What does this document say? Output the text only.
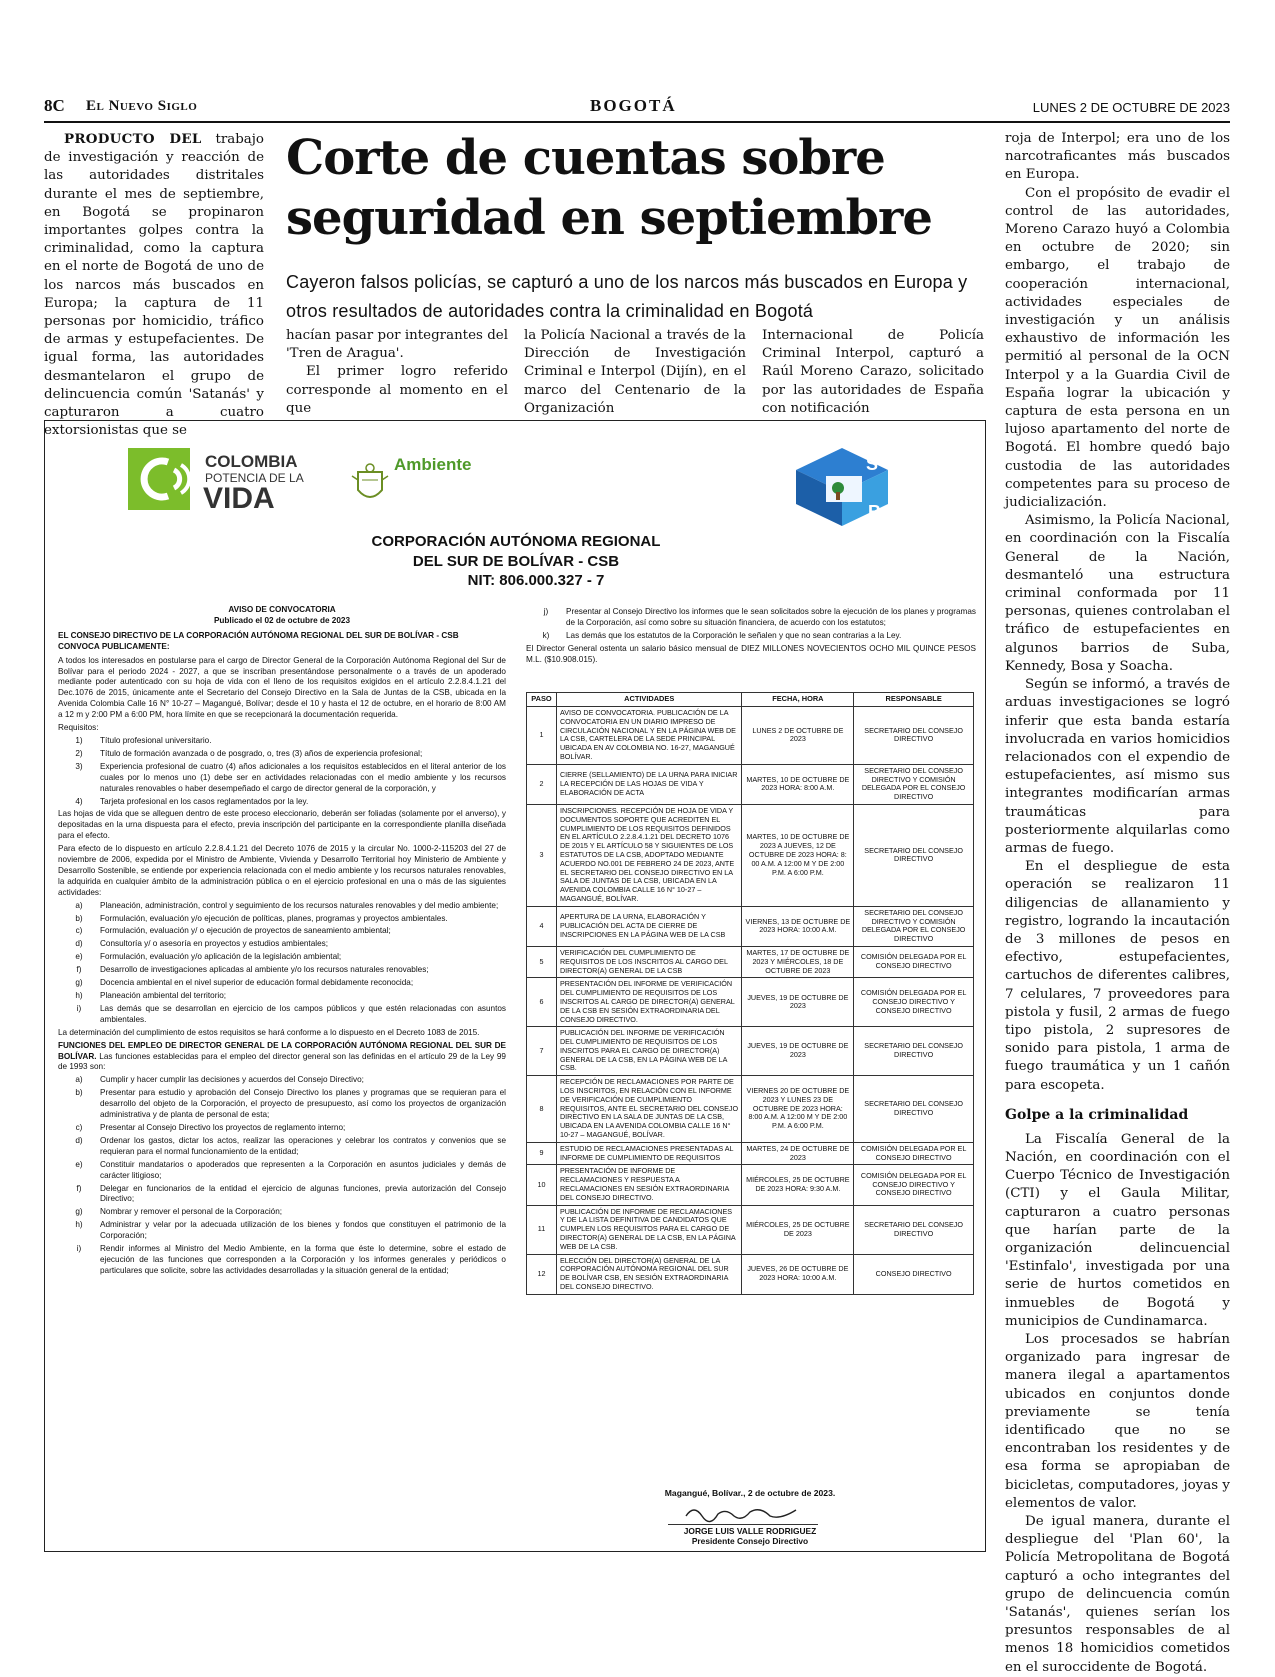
8C El Nuevo Siglo	BOGOTÁ	LUNES 2 DE OCTUBRE DE 2023

PRODUCTO DEL trabajo de investigación y reacción de las autoridades distritales durante el mes de septiembre, en Bogotá se propinaron importantes golpes contra la criminalidad, como la captura en el norte de Bogotá de uno de los narcos más buscados en Europa; la captura de 11 personas por homicidio, tráfico de armas y estupefacientes. De igual forma, las autoridades desmantelaron el grupo de delincuencia común 'Satanás' y capturaron a cuatro extorsionistas que se

Corte de cuentas sobre seguridad en septiembre
Cayeron falsos policías, se capturó a uno de los narcos más buscados en Europa y otros resultados de autoridades contra la criminalidad en Bogotá

hacían pasar por integrantes del 'Tren de Aragua'.

El primer logro referido corresponde al momento en el que

la Policía Nacional a través de la Dirección de Investigación Criminal e Interpol (Dijín), en el marco del Centenario de la Organización

Internacional de Policía Criminal Interpol, capturó a Raúl Moreno Carazo, solicitado por las autoridades de España con notificación

roja de Interpol; era uno de los narcotraficantes más buscados en Europa.

Con el propósito de evadir el control de las autoridades, Moreno Carazo huyó a Colombia en octubre de 2020; sin embargo, el trabajo de cooperación internacional, actividades especiales de investigación y un análisis exhaustivo de información les permitió al personal de la OCN Interpol y a la Guardia Civil de España lograr la ubicación y captura de esta persona en un lujoso apartamento del norte de Bogotá. El hombre quedó bajo custodia de las autoridades competentes para su proceso de judicialización.

Asimismo, la Policía Nacional, en coordinación con la Fiscalía General de la Nación, desmanteló una estructura criminal conformada por 11 personas, quienes controlaban el tráfico de estupefacientes en algunos barrios de Suba, Kennedy, Bosa y Soacha.

Según se informó, a través de arduas investigaciones se logró inferir que esta banda estaría involucrada en varios homicidios relacionados con el expendio de estupefacientes, así mismo sus integrantes modificarían armas traumáticas para posteriormente alquilarlas como armas de fuego.

En el despliegue de esta operación se realizaron 11 diligencias de allanamiento y registro, logrando la incautación de 3 millones de pesos en efectivo, estupefacientes, cartuchos de diferentes calibres, 7 celulares, 7 proveedores para pistola y fusil, 2 armas de fuego tipo pistola, 2 supresores de sonido para pistola, 1 arma de fuego traumática y un 1 cañón para escopeta.

Golpe a la criminalidad

La Fiscalía General de la Nación, en coordinación con el Cuerpo Técnico de Investigación (CTI) y el Gaula Militar, capturaron a cuatro personas que harían parte de la organización delincuencial 'Estinfalo', investigada por una serie de hurtos cometidos en inmuebles de Bogotá y municipios de Cundinamarca.

Los procesados se habrían organizado para ingresar de manera ilegal a apartamentos ubicados en conjuntos donde previamente se tenía identificado que no se encontraban los residentes y de esa forma se apropiaban de bicicletas, computadores, joyas y elementos de valor.

De igual manera, durante el despliegue del 'Plan 60', la Policía Metropolitana de Bogotá capturó a ocho integrantes del grupo de delincuencia común 'Satanás', quienes serían los presuntos responsables de al menos 18 homicidios cometidos en el suroccidente de Bogotá.

COLOMBIA
POTENCIA DE LA
VIDA
Ambiente	S
B
CORPORACIÓN AUTÓNOMA REGIONAL
DEL SUR DE BOLÍVAR - CSB
NIT: 806.000.327 - 7
AVISO DE CONVOCATORIA
Publicado el 02 de octubre de 2023
EL CONSEJO DIRECTIVO DE LA CORPORACIÓN AUTÓNOMA REGIONAL DEL SUR DE BOLÍVAR - CSB
CONVOCA PUBLICAMENTE:

A todos los interesados en postularse para el cargo de Director General de la Corporación Autónoma Regional del Sur de Bolívar para el periodo 2024 - 2027, a que se inscriban presentándose personalmente o a través de un apoderado mediante poder autenticado con su hoja de vida con el lleno de los requisitos exigidos en el artículo 2.2.8.4.1.21 del Dec.1076 de 2015, únicamente ante el Secretario del Consejo Directivo en la Sala de Juntas de la CSB, ubicada en la Avenida Colombia Calle 16 N° 10-27 – Magangué, Bolívar; desde el 10 y hasta el 12 de octubre, en el horario de 8:00 AM a 12 m y 2:00 PM a 6:00 PM, hora límite en que se recepcionará la documentación requerida.

Requisitos:

1)	Título profesional universitario.
2)	Título de formación avanzada o de posgrado, o, tres (3) años de experiencia profesional;
3)	Experiencia profesional de cuatro (4) años adicionales a los requisitos establecidos en el literal anterior de los cuales por lo menos uno (1) debe ser en actividades relacionadas con el medio ambiente y los recursos naturales renovables o haber desempeñado el cargo de director general de la corporación, y
4)	Tarjeta profesional en los casos reglamentados por la ley.

Las hojas de vida que se alleguen dentro de este proceso eleccionario, deberán ser foliadas (solamente por el anverso), y depositadas en la urna dispuesta para el efecto, previa inscripción del participante en la correspondiente planilla diseñada para el efecto.

Para efecto de lo dispuesto en artículo 2.2.8.4.1.21 del Decreto 1076 de 2015 y la circular No. 1000-2-115203 del 27 de noviembre de 2006, expedida por el Ministro de Ambiente, Vivienda y Desarrollo Territorial hoy Ministerio de Ambiente y Desarrollo Sostenible, se entiende por experiencia relacionada con el medio ambiente y los recursos naturales renovables, la adquirida en cualquier ámbito de la administración pública o en el ejercicio profesional en una o más de las siguientes actividades:

a)	Planeación, administración, control y seguimiento de los recursos naturales renovables y del medio ambiente;
b)	Formulación, evaluación y/o ejecución de políticas, planes, programas y proyectos ambientales.
c)	Formulación, evaluación y/ o ejecución de proyectos de saneamiento ambiental;
d)	Consultoría y/ o asesoría en proyectos y estudios ambientales;
e)	Formulación, evaluación y/o aplicación de la legislación ambiental;
f)	Desarrollo de investigaciones aplicadas al ambiente y/o los recursos naturales renovables;
g)	Docencia ambiental en el nivel superior de educación formal debidamente reconocida;
h)	Planeación ambiental del territorio;
i)	Las demás que se desarrollan en ejercicio de los campos públicos y que estén relacionadas con asuntos ambientales.

La determinación del cumplimiento de estos requisitos se hará conforme a lo dispuesto en el Decreto 1083 de 2015.

FUNCIONES DEL EMPLEO DE DIRECTOR GENERAL DE LA CORPORACIÓN AUTÓNOMA REGIONAL DEL SUR DE BOLÍVAR. Las funciones establecidas para el empleo del director general son las definidas en el artículo 29 de la Ley 99 de 1993 son:

a)	Cumplir y hacer cumplir las decisiones y acuerdos del Consejo Directivo;
b)	Presentar para estudio y aprobación del Consejo Directivo los planes y programas que se requieran para el desarrollo del objeto de la Corporación, el proyecto de presupuesto, así como los proyectos de organización administrativa y de planta de personal de esta;
c)	Presentar al Consejo Directivo los proyectos de reglamento interno;
d)	Ordenar los gastos, dictar los actos, realizar las operaciones y celebrar los contratos y convenios que se requieran para el normal funcionamiento de la entidad;
e)	Constituir mandatarios o apoderados que representen a la Corporación en asuntos judiciales y demás de carácter litigioso;
f)	Delegar en funcionarios de la entidad el ejercicio de algunas funciones, previa autorización del Consejo Directivo;
g)	Nombrar y remover el personal de la Corporación;
h)	Administrar y velar por la adecuada utilización de los bienes y fondos que constituyen el patrimonio de la Corporación;
i)	Rendir informes al Ministro del Medio Ambiente, en la forma que éste lo determine, sobre el estado de ejecución de las funciones que corresponden a la Corporación y los informes generales y periódicos o particulares que solicite, sobre las actividades desarrolladas y la situación general de la entidad;
j)	Presentar al Consejo Directivo los informes que le sean solicitados sobre la ejecución de los planes y programas de la Corporación, así como sobre su situación financiera, de acuerdo con los estatutos;
k)	Las demás que los estatutos de la Corporación le señalen y que no sean contrarias a la Ley.

El Director General ostenta un salario básico mensual de DIEZ MILLONES NOVECIENTOS OCHO MIL QUINCE PESOS M.L. ($10.908.015).

PASO	ACTIVIDADES	FECHA, HORA	RESPONSABLE
1	AVISO DE CONVOCATORIA. PUBLICACIÓN DE LA CONVOCATORIA EN UN DIARIO IMPRESO DE CIRCULACIÓN NACIONAL Y EN LA PÁGINA WEB DE LA CSB, CARTELERA DE LA SEDE PRINCIPAL UBICADA EN AV COLOMBIA NO. 16-27, MAGANGUÉ BOLÍVAR.	LUNES 2 DE OCTUBRE DE 2023	SECRETARIO DEL CONSEJO DIRECTIVO
2	CIERRE (SELLAMIENTO) DE LA URNA PARA INICIAR LA RECEPCIÓN DE LAS HOJAS DE VIDA Y ELABORACIÓN DE ACTA	MARTES, 10 DE OCTUBRE DE 2023 HORA: 8:00 A.M.	SECRETARIO DEL CONSEJO DIRECTIVO Y COMISIÓN DELEGADA POR EL CONSEJO DIRECTIVO
3	INSCRIPCIONES. RECEPCIÓN DE HOJA DE VIDA Y DOCUMENTOS SOPORTE QUE ACREDITEN EL CUMPLIMIENTO DE LOS REQUISITOS DEFINIDOS EN EL ARTÍCULO 2.2.8.4.1.21 DEL DECRETO 1076 DE 2015 Y EL ARTÍCULO 58 Y SIGUIENTES DE LOS ESTATUTOS DE LA CSB, ADOPTADO MEDIANTE ACUERDO NO.001 DE FEBRERO 24 DE 2023, ANTE EL SECRETARIO DEL CONSEJO DIRECTIVO EN LA SALA DE JUNTAS DE LA CSB, UBICADA EN LA AVENIDA COLOMBIA CALLE 16 N° 10-27 – MAGANGUÉ, BOLÍVAR.	MARTES, 10 DE OCTUBRE DE 2023 A JUEVES, 12 DE OCTUBRE DE 2023 HORA: 8: 00 A.M. A 12:00 M Y DE 2:00 P.M. A 6:00 P.M.	SECRETARIO DEL CONSEJO DIRECTIVO
4	APERTURA DE LA URNA, ELABORACIÓN Y PUBLICACIÓN DEL ACTA DE CIERRE DE INSCRIPCIONES EN LA PÁGINA WEB DE LA CSB	VIERNES, 13 DE OCTUBRE DE 2023 HORA: 10:00 A.M.	SECRETARIO DEL CONSEJO DIRECTIVO Y COMISIÓN DELEGADA POR EL CONSEJO DIRECTIVO
5	VERIFICACIÓN DEL CUMPLIMIENTO DE REQUISITOS DE LOS INSCRITOS AL CARGO DEL DIRECTOR(A) GENERAL DE LA CSB	MARTES, 17 DE OCTUBRE DE 2023 Y MIÉRCOLES, 18 DE OCTUBRE DE 2023	COMISIÓN DELEGADA POR EL CONSEJO DIRECTIVO
6	PRESENTACIÓN DEL INFORME DE VERIFICACIÓN DEL CUMPLIMIENTO DE REQUISITOS DE LOS INSCRITOS AL CARGO DE DIRECTOR(A) GENERAL DE LA CSB EN SESIÓN EXTRAORDINARIA DEL CONSEJO DIRECTIVO.	JUEVES, 19 DE OCTUBRE DE 2023	COMISIÓN DELEGADA POR EL CONSEJO DIRECTIVO Y CONSEJO DIRECTIVO
7	PUBLICACIÓN DEL INFORME DE VERIFICACIÓN DEL CUMPLIMIENTO DE REQUISITOS DE LOS INSCRITOS PARA EL CARGO DE DIRECTOR(A) GENERAL DE LA CSB, EN LA PÁGINA WEB DE LA CSB.	JUEVES, 19 DE OCTUBRE DE 2023	SECRETARIO DEL CONSEJO DIRECTIVO
8	RECEPCIÓN DE RECLAMACIONES POR PARTE DE LOS INSCRITOS, EN RELACIÓN CON EL INFORME DE VERIFICACIÓN DE CUMPLIMIENTO REQUISITOS, ANTE EL SECRETARIO DEL CONSEJO DIRECTIVO EN LA SALA DE JUNTAS DE LA CSB, UBICADA EN LA AVENIDA COLOMBIA CALLE 16 N° 10-27 – MAGANGUÉ, BOLÍVAR.	VIERNES 20 DE OCTUBRE DE 2023 Y LUNES 23 DE OCTUBRE DE 2023 HORA: 8:00 A.M. A 12:00 M Y DE 2:00 P.M. A 6:00 P.M.	SECRETARIO DEL CONSEJO DIRECTIVO
9	ESTUDIO DE RECLAMACIONES PRESENTADAS AL INFORME DE CUMPLIMIENTO DE REQUISITOS	MARTES, 24 DE OCTUBRE DE 2023	COMISIÓN DELEGADA POR EL CONSEJO DIRECTIVO
10	PRESENTACIÓN DE INFORME DE RECLAMACIONES Y RESPUESTA A RECLAMACIONES EN SESIÓN EXTRAORDINARIA DEL CONSEJO DIRECTIVO.	MIÉRCOLES, 25 DE OCTUBRE DE 2023 HORA: 9:30 A.M.	COMISIÓN DELEGADA POR EL CONSEJO DIRECTIVO Y CONSEJO DIRECTIVO
11	PUBLICACIÓN DE INFORME DE RECLAMACIONES Y DE LA LISTA DEFINITIVA DE CANDIDATOS QUE CUMPLEN LOS REQUISITOS PARA EL CARGO DE DIRECTOR(A) GENERAL DE LA CSB, EN LA PÁGINA WEB DE LA CSB.	MIÉRCOLES, 25 DE OCTUBRE DE 2023	SECRETARIO DEL CONSEJO DIRECTIVO
12	ELECCIÓN DEL DIRECTOR(A) GENERAL DE LA CORPORACIÓN AUTÓNOMA REGIONAL DEL SUR DE BOLÍVAR CSB, EN SESIÓN EXTRAORDINARIA DEL CONSEJO DIRECTIVO.	JUEVES, 26 DE OCTUBRE DE 2023 HORA: 10:00 A.M.	CONSEJO DIRECTIVO
Magangué, Bolívar., 2 de octubre de 2023.
JORGE LUIS VALLE RODRIGUEZ
Presidente Consejo Directivo
